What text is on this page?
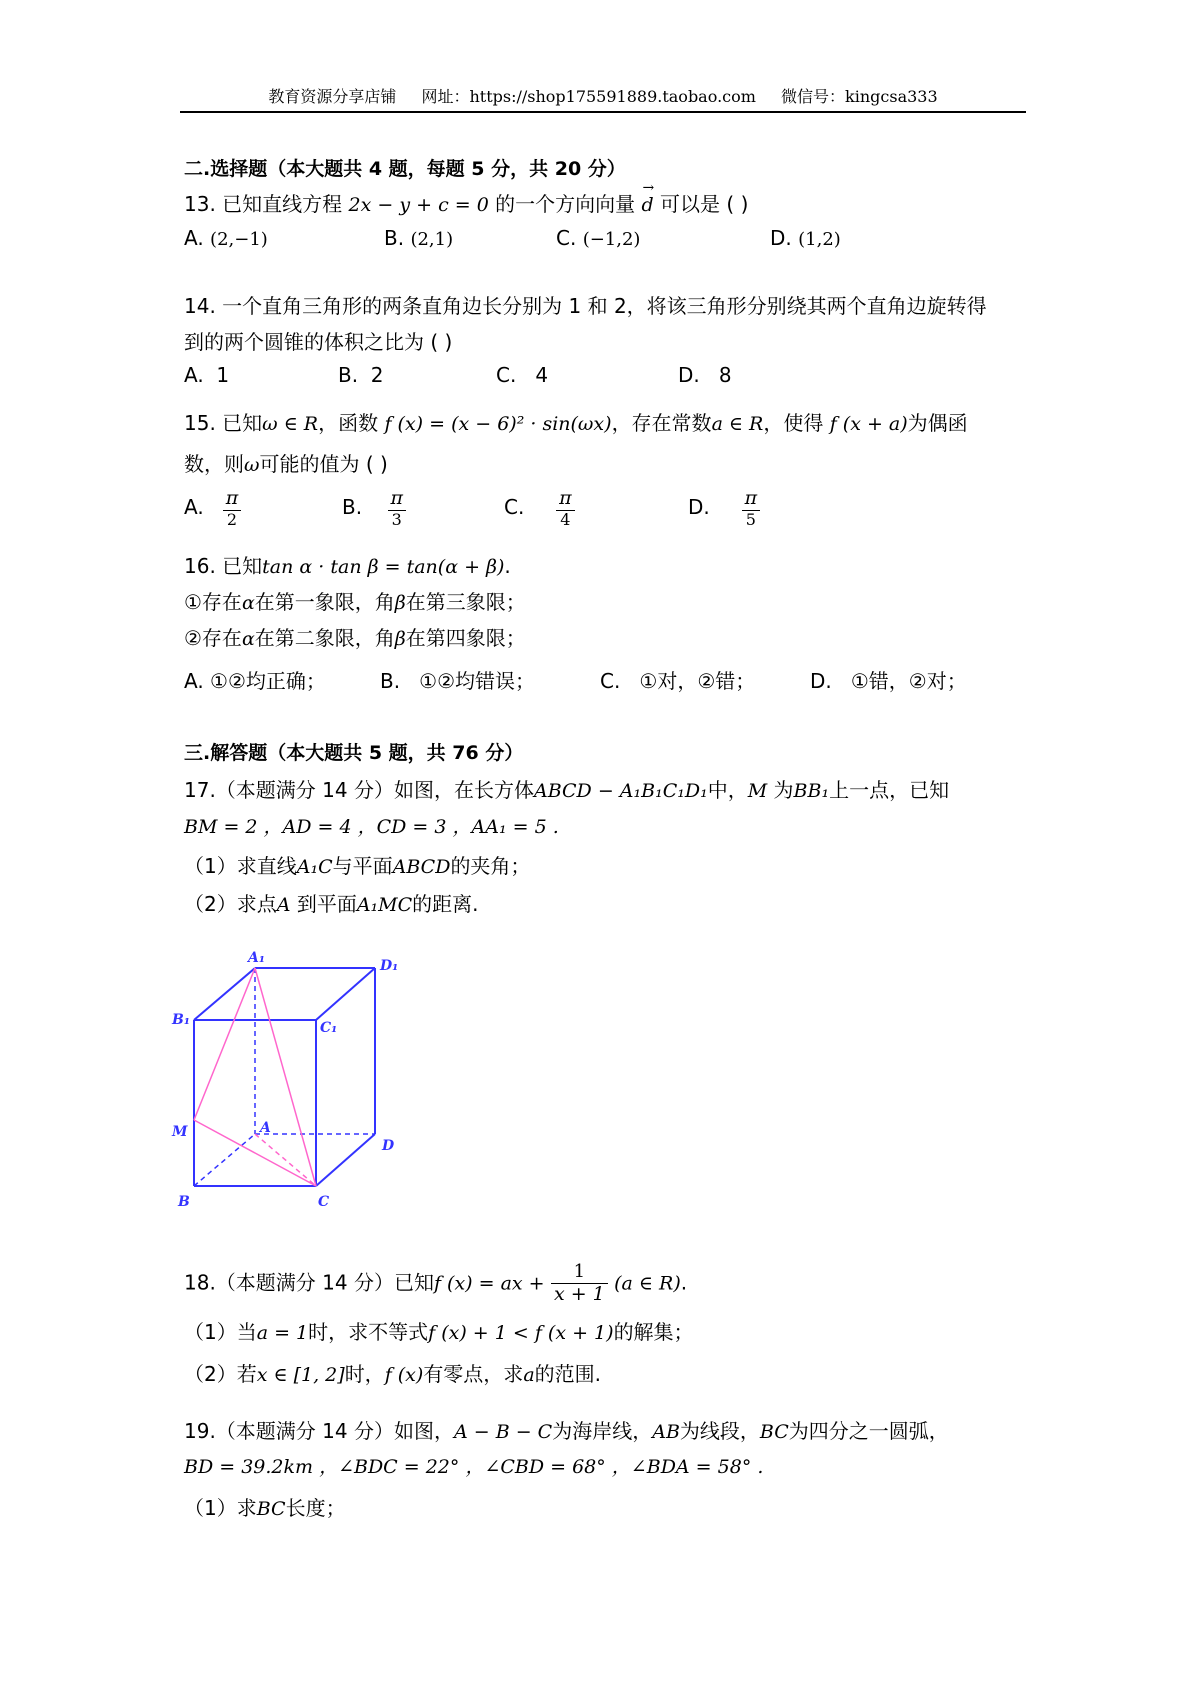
教育资源分享店铺 网址：https://shop175591889.taobao.com 微信号：kingcsa333
二.选择题（本大题共 4 题，每题 5 分，共 20 分）
13. 已知直线方程 2x − y + c = 0 的一个方向向量
→
d 可以是 ( )
A. (2,−1)	B. (2,1)	C. (−1,2)	D. (1,2)
14. 一个直角三角形的两条直角边长分别为 1 和 2，将该三角形分别绕其两个直角边旋转得
到的两个圆锥的体积之比为 ( )
A. 1	B. 2	C. 4	D. 8
15. 已知ω ∈ R，函数 f (x) = (x − 6)² · sin(ωx)，存在常数a ∈ R，使得 f (x + a)为偶函
数，则ω可能的值为 ( )
A. $\frac{\pi}{2}$	B. $\frac{\pi}{3}$	C. $\frac{\pi}{4}$	D. $\frac{\pi}{5}$
16. 已知tan α · tan β = tan(α + β).
①存在α在第一象限，角β在第三象限；
②存在α在第二象限，角β在第四象限；
A. ①②均正确；	B. ①②均错误；	C. ①对，②错；	D. ①错，②对；
三.解答题（本大题共 5 题，共 76 分）
17.（本题满分 14 分）如图，在长方体ABCD − A₁B₁C₁D₁中，M 为BB₁上一点，已知
BM = 2 ，AD = 4 ，CD = 3 ，AA₁ = 5 .
（1）求直线A₁C与平面ABCD的夹角；
（2）求点A 到平面A₁MC的距离.
A₁	D₁
B₁	C₁
M	A
D
B	C
18.（本题满分 14 分）已知f (x) = ax + $\frac{1}{x + 1} (a$ ∈ R).
（1）当a = 1时，求不等式f (x) + 1 < f (x + 1)的解集；
（2）若x ∈ [1, 2]时，f (x)有零点，求a的范围.
19.（本题满分 14 分）如图，A − B − C为海岸线，AB为线段，BC为四分之一圆弧，
BD = 39.2km ，∠BDC = 22° ，∠CBD = 68° ，∠BDA = 58° .
（1）求BC长度；
